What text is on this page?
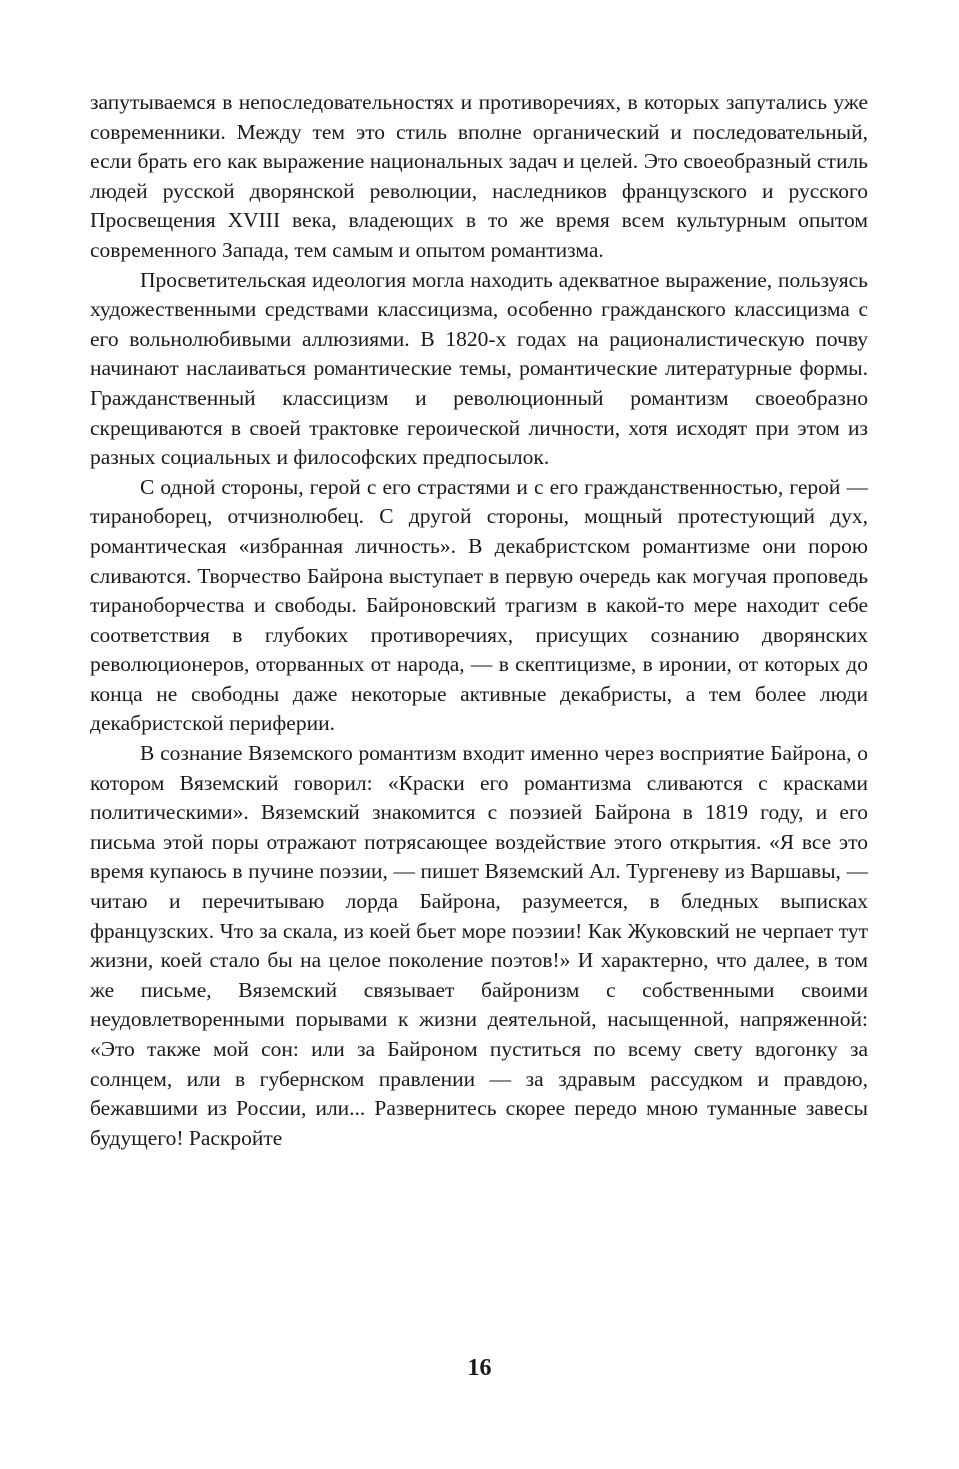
запутываемся в непоследовательностях и противоречиях, в которых запутались уже современники. Между тем это стиль вполне органический и последовательный, если брать его как выражение национальных задач и целей. Это своеобразный стиль людей русской дворянской революции, наследников французского и русского Просвещения XVIII века, владеющих в то же время всем культурным опытом современного Запада, тем самым и опытом романтизма.

Просветительская идеология могла находить адекватное выражение, пользуясь художественными средствами классицизма, особенно гражданского классицизма с его вольнолюбивыми аллюзиями. В 1820-х годах на рационалистическую почву начинают наслаиваться романтические темы, романтические литературные формы. Гражданственный классицизм и революционный романтизм своеобразно скрещиваются в своей трактовке героической личности, хотя исходят при этом из разных социальных и философских предпосылок.

С одной стороны, герой с его страстями и с его гражданственностью, герой — тираноборец, отчизнолюбец. С другой стороны, мощный протестующий дух, романтическая «избранная личность». В декабристском романтизме они порою сливаются. Творчество Байрона выступает в первую очередь как могучая проповедь тираноборчества и свободы. Байроновский трагизм в какой-то мере находит себе соответствия в глубоких противоречиях, присущих сознанию дворянских революционеров, оторванных от народа, — в скептицизме, в иронии, от которых до конца не свободны даже некоторые активные декабристы, а тем более люди декабристской периферии.

В сознание Вяземского романтизм входит именно через восприятие Байрона, о котором Вяземский говорил: «Краски его романтизма сливаются с красками политическими». Вяземский знакомится с поэзией Байрона в 1819 году, и его письма этой поры отражают потрясающее воздействие этого открытия. «Я все это время купаюсь в пучине поэзии, — пишет Вяземский Ал. Тургеневу из Варшавы, — читаю и перечитываю лорда Байрона, разумеется, в бледных выписках французских. Что за скала, из коей бьет море поэзии! Как Жуковский не черпает тут жизни, коей стало бы на целое поколение поэтов!» И характерно, что далее, в том же письме, Вяземский связывает байронизм с собственными своими неудовлетворенными порывами к жизни деятельной, насыщенной, напряженной: «Это также мой сон: или за Байроном пуститься по всему свету вдогонку за солнцем, или в губернском правлении — за здравым рассудком и правдою, бежавшими из России, или... Развернитесь скорее передо мною туманные завесы будущего! Раскройте

16
